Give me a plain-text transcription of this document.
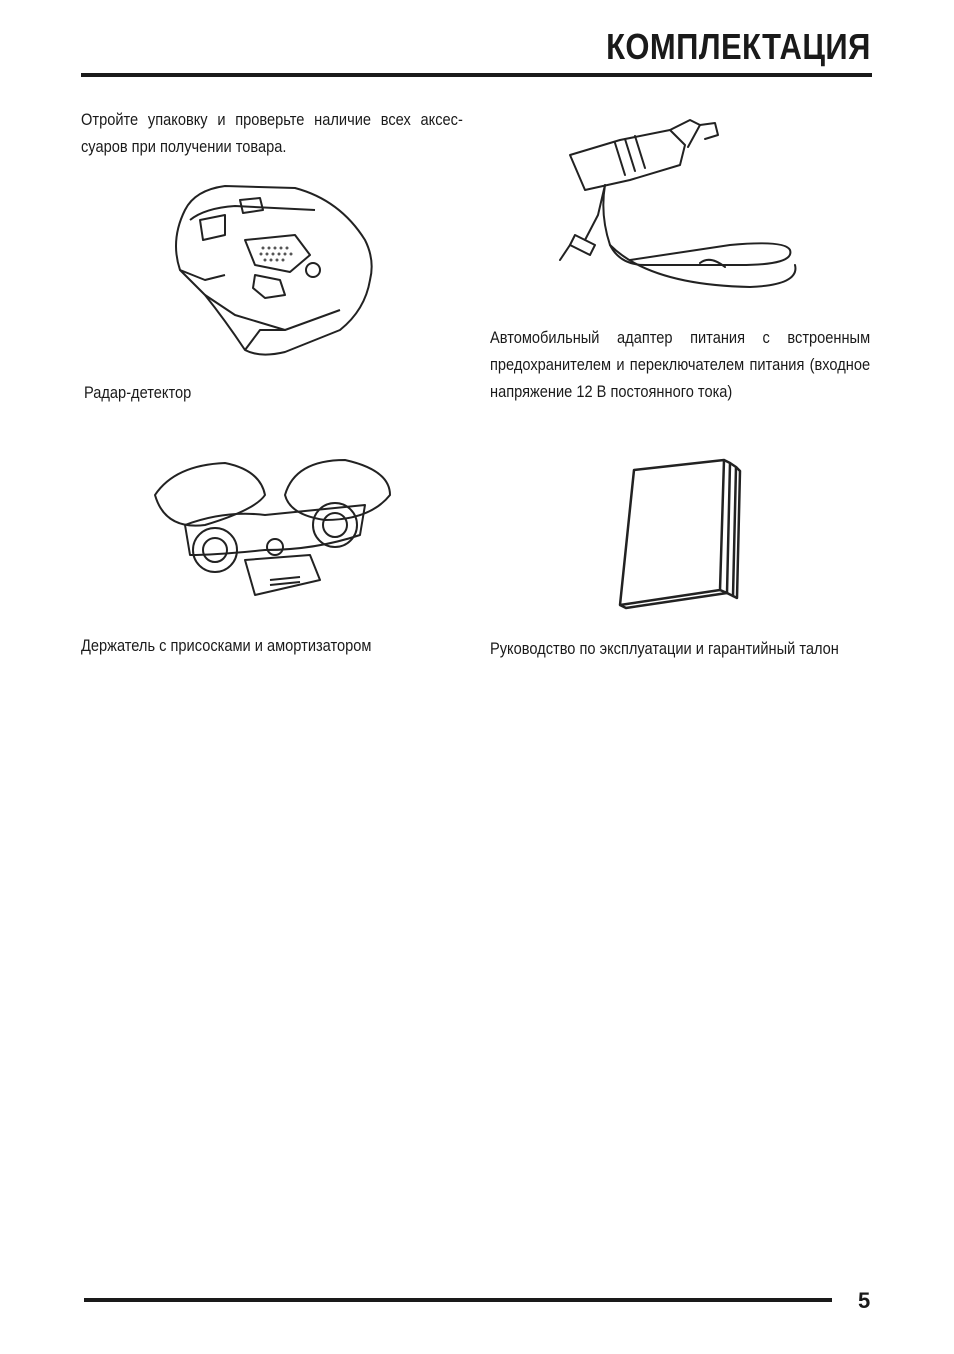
КОМПЛЕКТАЦИЯ
Отройте упаковку и проверьте наличие всех аксес-суаров при получении товара.
Радар-детектор
Автомобильный адаптер питания с встроенным предохранителем и переключателем питания (входное напряжение 12 В постоянного тока)
Держатель с присосками и амортизатором	Руководство по эксплуатации и гарантийный талон
5
